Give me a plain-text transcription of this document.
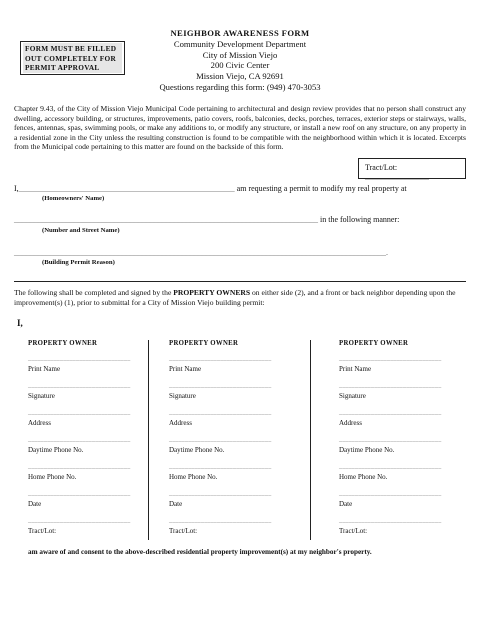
FORM MUST BE FILLED
OUT COMPLETELY FOR
PERMIT APPROVAL
NEIGHBOR AWARENESS FORM
Community Development Department
City of Mission Viejo
200 Civic Center
Mission Viejo, CA 92691
Questions regarding this form: (949) 470-3053
Chapter 9.43, of the City of Mission Viejo Municipal Code pertaining to architectural and design review provides that no person shall construct any dwelling, accessory building, or structures, improvements, patio covers, roofs, balconies, decks, porches, terraces, exterior steps or stairways, walls, fences, antennas, spas, swimming pools, or make any additions to, or modify any structure, or install a new roof on any structure, on any property in a residential zone in the City unless the resulting construction is found to be compatible with the neighborhood within which it is located. Excerpts from the Municipal code pertaining to this matter are found on the backside of this form.
Tract/Lot: ________________
I,______________________________________________________ am requesting a permit to modify my real property at
(Homeowners' Name)
____________________________________________________________________________ in the following manner:
(Number and Street Name)
_____________________________________________________________________________________________.
(Building Permit Reason)
The following shall be completed and signed by the PROPERTY OWNERS on either side (2), and a front or back neighbor depending upon the improvement(s) (1), prior to submittal for a City of Mission Viejo building permit:
I,
PROPERTY OWNER
________________________________
Print Name
________________________________
Signature
________________________________
Address
________________________________
Daytime Phone No.
________________________________
Home Phone No.
________________________________
Date
________________________________
Tract/Lot:
PROPERTY OWNER
________________________________
Print Name
________________________________
Signature
________________________________
Address
________________________________
Daytime Phone No.
________________________________
Home Phone No.
________________________________
Date
________________________________
Tract/Lot:
PROPERTY OWNER
________________________________
Print Name
________________________________
Signature
________________________________
Address
________________________________
Daytime Phone No.
________________________________
Home Phone No.
________________________________
Date
________________________________
Tract/Lot:
am aware of and consent to the above-described residential property improvement(s) at my neighbor's property.
